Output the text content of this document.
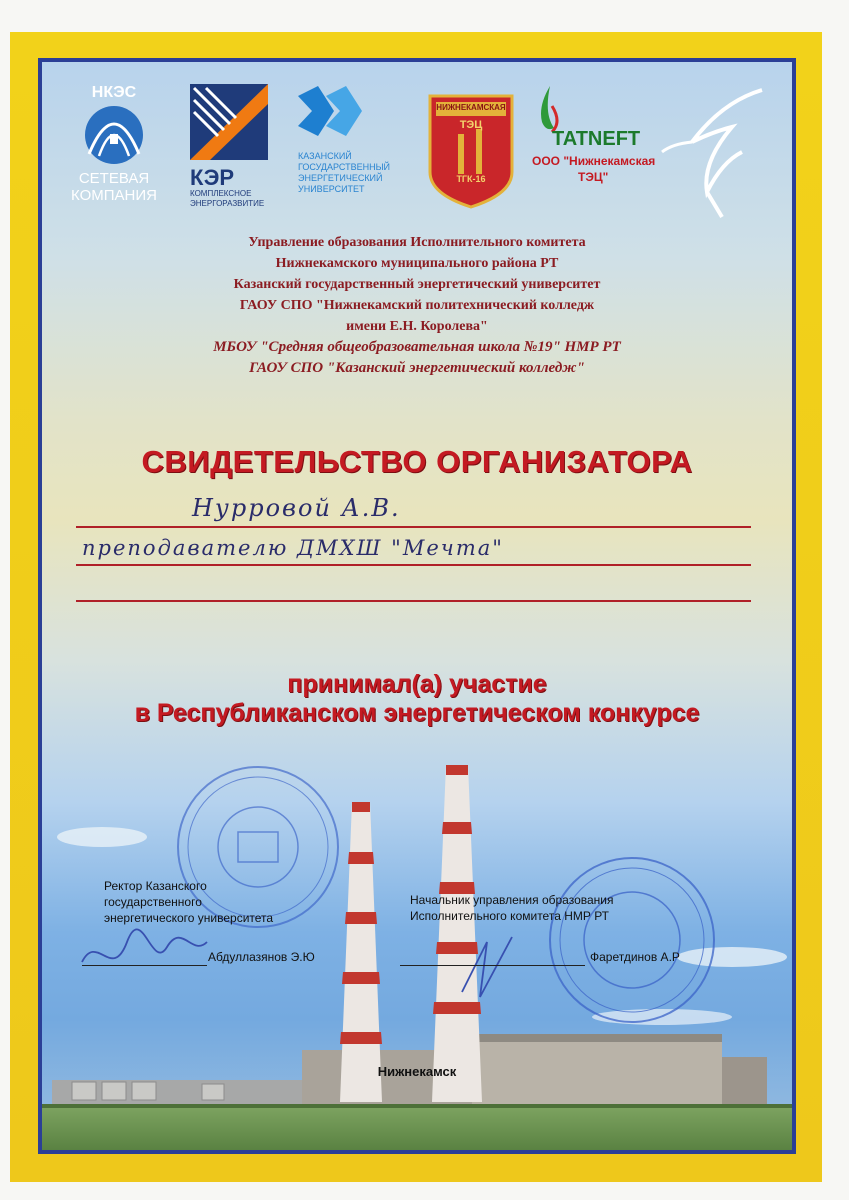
НКЭС
СЕТЕВАЯ
КОМПАНИЯ
КЭР
КОМПЛЕКСНОЕ
ЭНЕРГОРАЗВИТИЕ
КАЗАНСКИЙ
ГОСУДАРСТВЕННЫЙ
ЭНЕРГЕТИЧЕСКИЙ
УНИВЕРСИТЕТ
НИЖНЕКАМСКАЯ
ТЭЦ
ТГК-16
TATNEFT
ООО "Нижнекамская
ТЭЦ"

Управление образования Исполнительного комитета

Нижнекамского муниципального района РТ

Казанский государственный энергетический университет

ГАОУ СПО "Нижнекамский политехнический колледж

имени Е.Н. Королева"

МБОУ "Средняя общеобразовательная школа №19" НМР РТ

ГАОУ СПО "Казанский энергетический колледж"

СВИДЕТЕЛЬСТВО ОРГАНИЗАТОРА
Нурровой А.В.
преподавателю ДМХШ "Мечта"
принимал(а) участие
в Республиканском энергетическом конкурсе
Ректор Казанского
государственного
энергетического университета
Абдуллазянов Э.Ю
Начальник управления образования
Исполнительного комитета НМР РТ
Фаретдинов А.Р
Нижнекамск
